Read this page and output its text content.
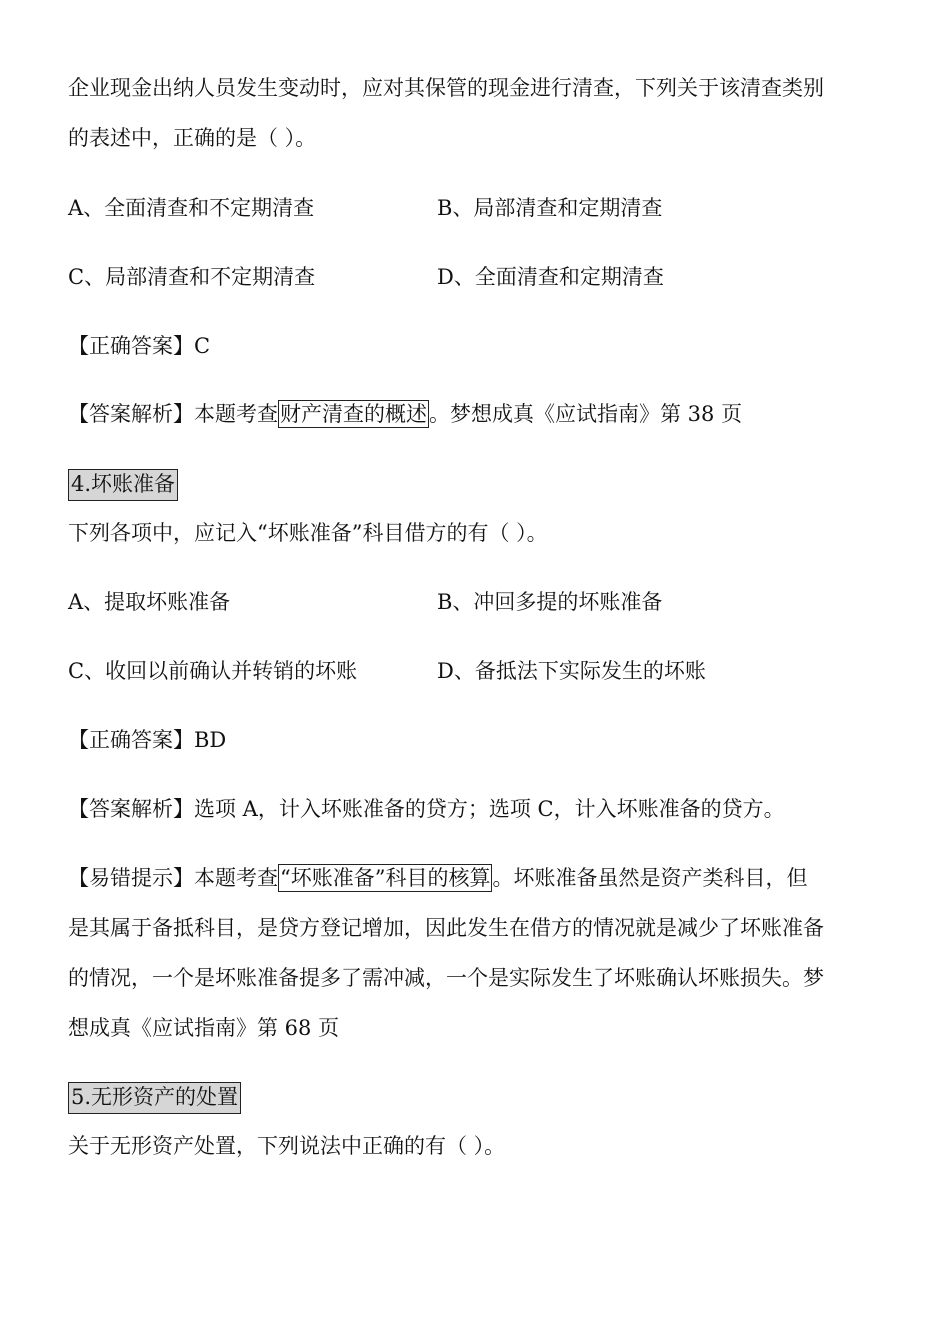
企业现金出纳人员发生变动时，应对其保管的现金进行清查，下列关于该清查类别
的表述中，正确的是（ ）。
A、全面清查和不定期清查	B、局部清查和定期清查
C、局部清查和不定期清查	D、全面清查和定期清查
【正确答案】C
【答案解析】本题考查财产清查的概述。梦想成真《应试指南》第 38 页
4.坏账准备
下列各项中，应记入“坏账准备”科目借方的有（ ）。
A、提取坏账准备	B、冲回多提的坏账准备
C、收回以前确认并转销的坏账	D、备抵法下实际发生的坏账
【正确答案】BD
【答案解析】选项 A，计入坏账准备的贷方；选项 C，计入坏账准备的贷方。
【易错提示】本题考查“坏账准备”科目的核算。坏账准备虽然是资产类科目，但
是其属于备抵科目，是贷方登记增加，因此发生在借方的情况就是减少了坏账准备
的情况，一个是坏账准备提多了需冲减，一个是实际发生了坏账确认坏账损失。梦
想成真《应试指南》第 68 页
5.无形资产的处置
关于无形资产处置，下列说法中正确的有（ ）。
